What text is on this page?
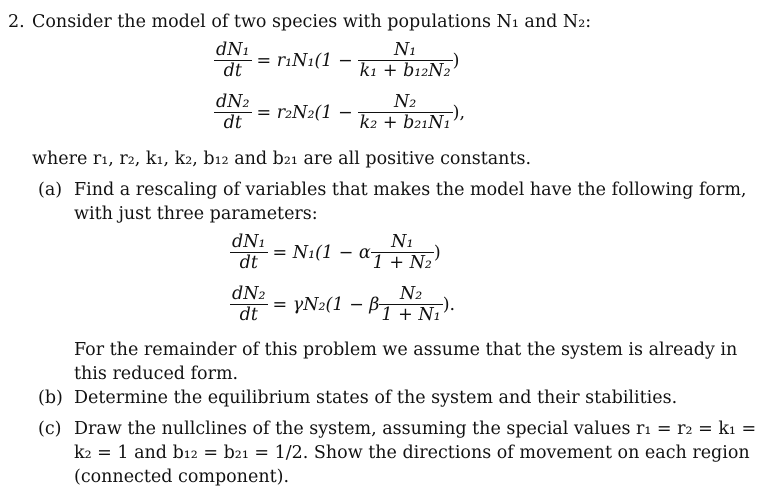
2. Consider the model of two species with populations N₁ and N₂:
$\frac{\text{dN₁}}{dt} = r_1N_1(1 - \frac{\text{N₁}}{\text{k₁ + b₁₂N₂}}$ )
$\frac{\text{dN₂}}{dt} = r_2N_2(1 - \frac{\text{N₂}}{\text{k₂ + b₂₁N₁}}$ ),
where r₁, r₂, k₁, k₂, b₁₂ and b₂₁ are all positive constants.
(a) Find a rescaling of variables that makes the model have the following form,
with just three parameters:
$\frac{\text{dN₁}}{dt} = N_1(1 - \alpha \frac{\text{N₁}}{\text{1 + N₂}}$ )
$\frac{\text{dN₂}}{dt} = \gamma N_2(1 - \beta \frac{\text{N₂}}{\text{1 + N₁}}$ ).
For the remainder of this problem we assume that the system is already in
this reduced form.
(b) Determine the equilibrium states of the system and their stabilities.
(c) Draw the nullclines of the system, assuming the special values r₁ = r₂ = k₁ =
k₂ = 1 and b₁₂ = b₂₁ = 1/2. Show the directions of movement on each region
(connected component).
